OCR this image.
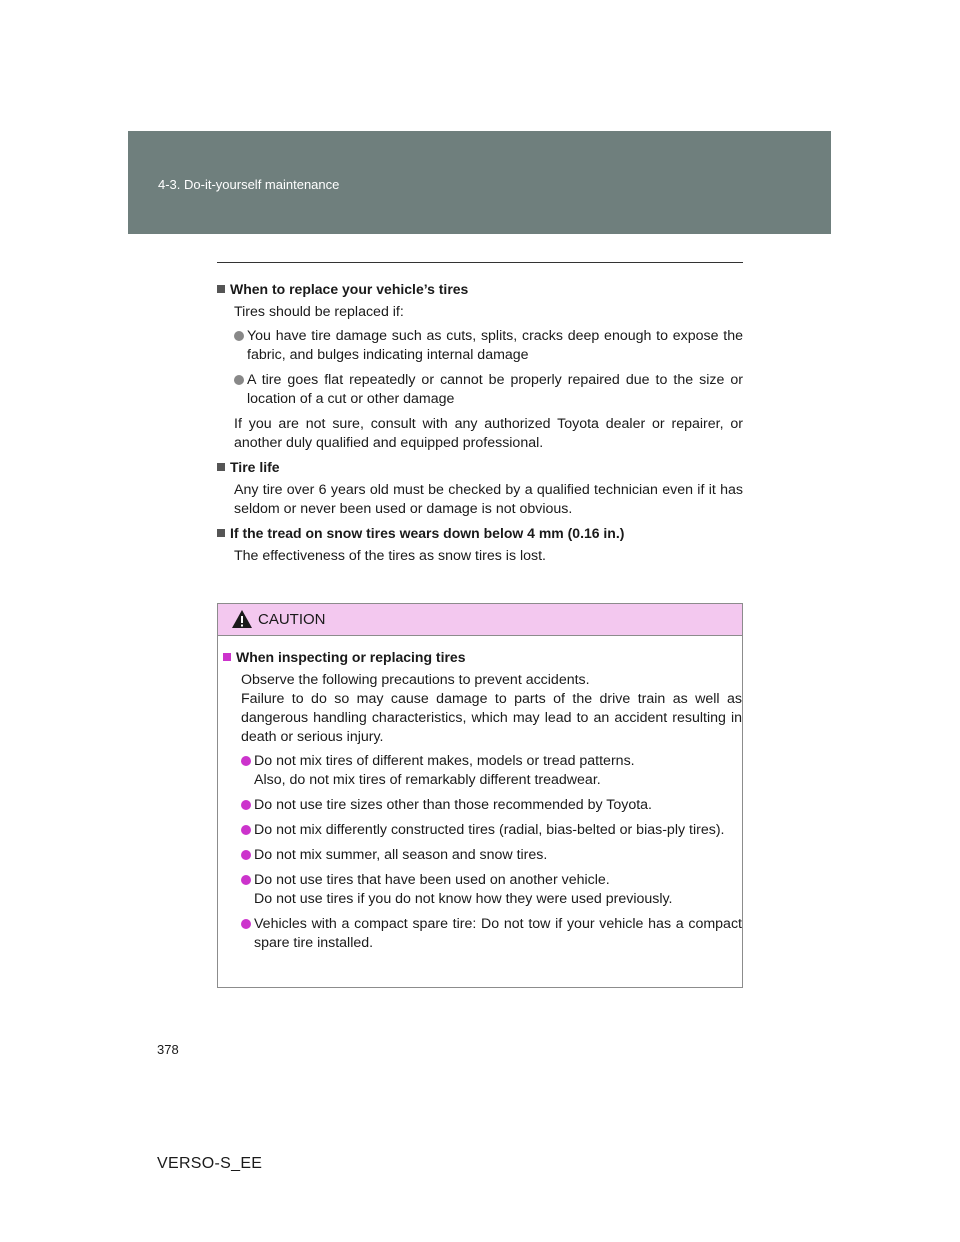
4-3. Do-it-yourself maintenance
When to replace your vehicle’s tires
Tires should be replaced if:
You have tire damage such as cuts, splits, cracks deep enough to expose the fabric, and bulges indicating internal damage
A tire goes flat repeatedly or cannot be properly repaired due to the size or location of a cut or other damage
If you are not sure, consult with any authorized Toyota dealer or repairer, or another duly qualified and equipped professional.
Tire life
Any tire over 6 years old must be checked by a qualified technician even if it has seldom or never been used or damage is not obvious.
If the tread on snow tires wears down below 4 mm (0.16 in.)
The effectiveness of the tires as snow tires is lost.
CAUTION
When inspecting or replacing tires
Observe the following precautions to prevent accidents.
Failure to do so may cause damage to parts of the drive train as well as dangerous handling characteristics, which may lead to an accident resulting in death or serious injury.
Do not mix tires of different makes, models or tread patterns.
Also, do not mix tires of remarkably different treadwear.
Do not use tire sizes other than those recommended by Toyota.
Do not mix differently constructed tires (radial, bias-belted or bias-ply tires).
Do not mix summer, all season and snow tires.
Do not use tires that have been used on another vehicle.
Do not use tires if you do not know how they were used previously.
Vehicles with a compact spare tire: Do not tow if your vehicle has a compact spare tire installed.
378
VERSO-S_EE
